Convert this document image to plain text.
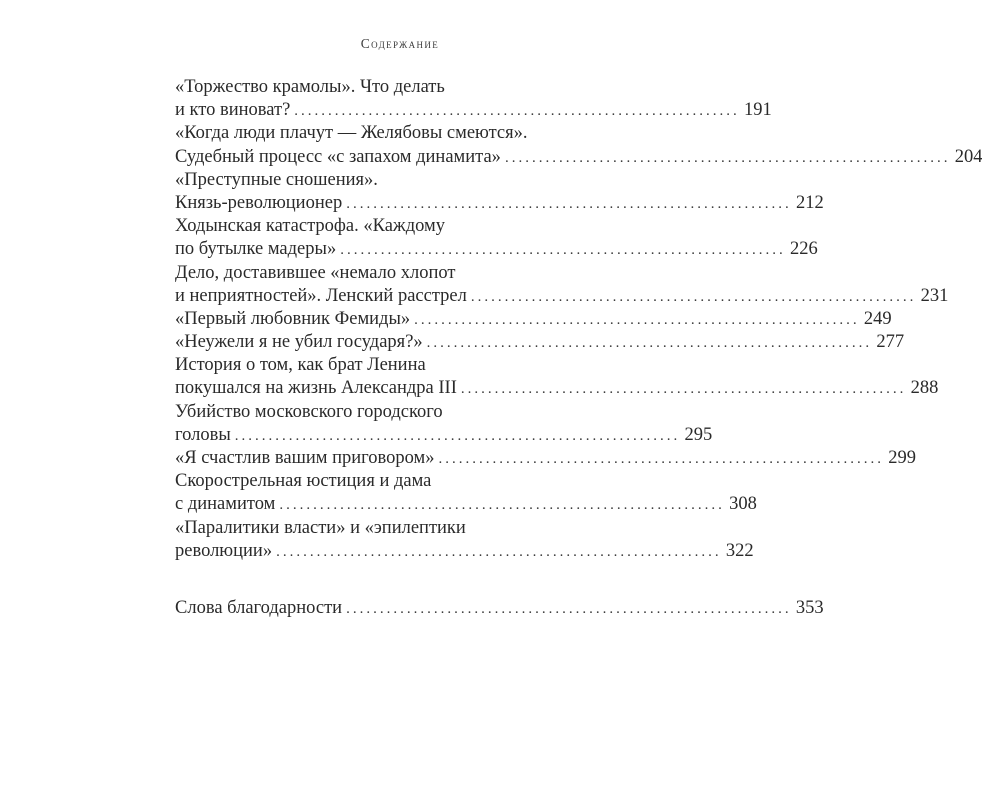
Содержание
«Торжество крамолы». Что делать
и кто виноват? .................................................................. 191
«Когда люди плачут — Желябовы смеются».
Судебный процесс «с запахом динамита» .................................................................. 204
«Преступные сношения».
Князь-революционер .................................................................. 212
Ходынская катастрофа. «Каждому
по бутылке мадеры» .................................................................. 226
Дело, доставившее «немало хлопот
и неприятностей». Ленский расстрел .................................................................. 231
«Первый любовник Фемиды» .................................................................. 249
«Неужели я не убил государя?» .................................................................. 277
История о том, как брат Ленина
покушался на жизнь Александра III .................................................................. 288
Убийство московского городского
головы .................................................................. 295
«Я счастлив вашим приговором» .................................................................. 299
Скорострельная юстиция и дама
с динамитом .................................................................. 308
«Паралитики власти» и «эпилептики
революции» .................................................................. 322
Слова благодарности .................................................................. 353
